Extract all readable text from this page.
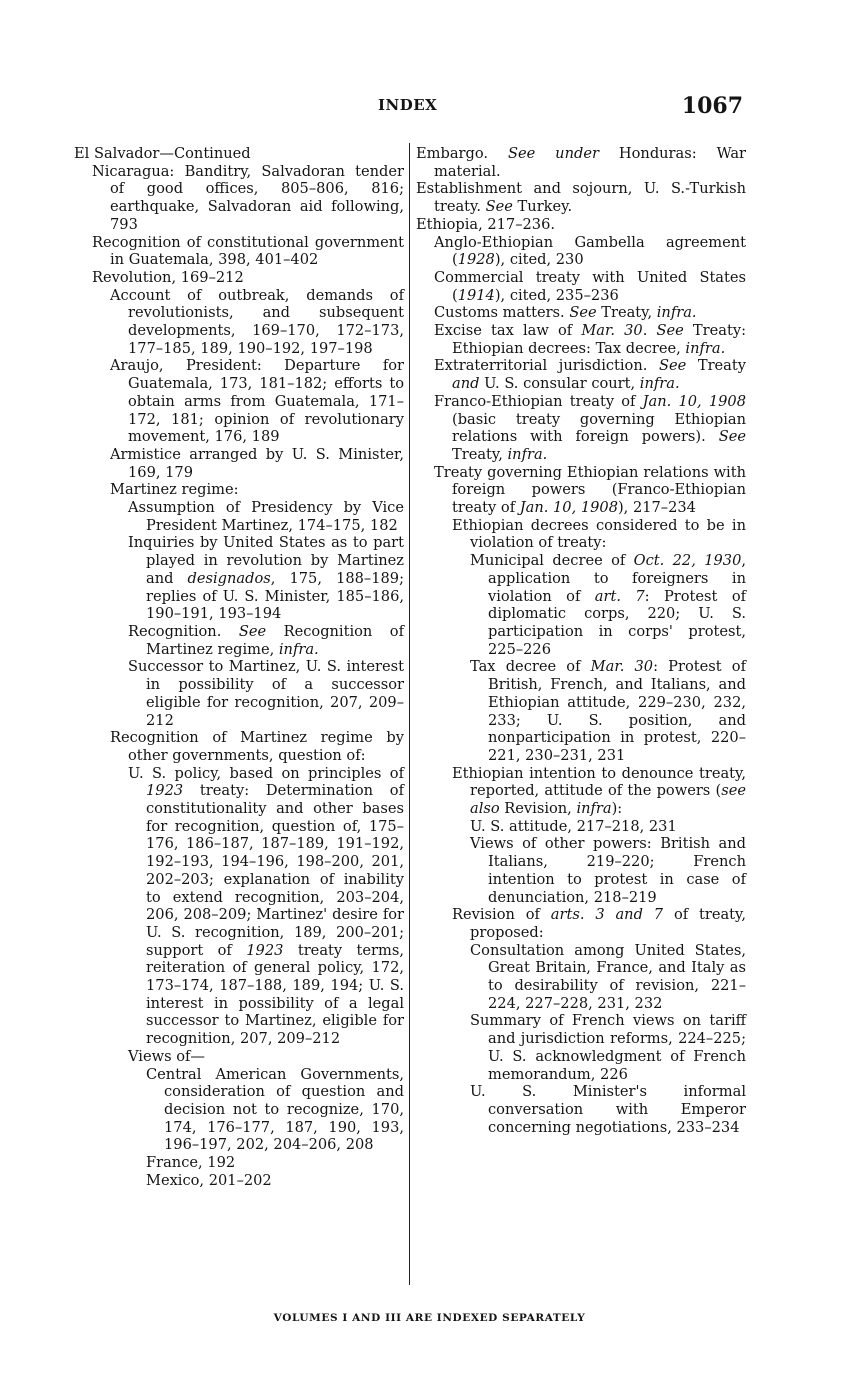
INDEX	1067
El Salvador—Continued
Nicaragua: Banditry, Salvadoran tender of good offices, 805–806, 816; earthquake, Salvadoran aid following, 793
Recognition of constitutional government in Guatemala, 398, 401–402
Revolution, 169–212
Account of outbreak, demands of revolutionists, and subsequent developments, 169–170, 172–173, 177–185, 189, 190–192, 197–198
Araujo, President: Departure for Guatemala, 173, 181–182; efforts to obtain arms from Guatemala, 171–172, 181; opinion of revolutionary movement, 176, 189
Armistice arranged by U. S. Minister, 169, 179
Martinez regime:
Assumption of Presidency by Vice President Martinez, 174–175, 182
Inquiries by United States as to part played in revolution by Martinez and designados, 175, 188–189; replies of U. S. Minister, 185–186, 190–191, 193–194
Recognition. See Recognition of Martinez regime, infra.
Successor to Martinez, U. S. interest in possibility of a successor eligible for recognition, 207, 209–212
Recognition of Martinez regime by other governments, question of:
U. S. policy, based on principles of 1923 treaty: Determination of constitutionality and other bases for recognition, question of, 175–176, 186–187, 187–189, 191–192, 192–193, 194–196, 198–200, 201, 202–203; explanation of inability to extend recognition, 203–204, 206, 208–209; Martinez' desire for U. S. recognition, 189, 200–201; support of 1923 treaty terms, reiteration of general policy, 172, 173–174, 187–188, 189, 194; U. S. interest in possibility of a legal successor to Martinez, eligible for recognition, 207, 209–212
Views of—
Central American Governments, consideration of question and decision not to recognize, 170, 174, 176–177, 187, 190, 193, 196–197, 202, 204–206, 208
France, 192
Mexico, 201–202
Embargo. See under Honduras: War material.
Establishment and sojourn, U. S.-Turkish treaty. See Turkey.
Ethiopia, 217–236.
Anglo-Ethiopian Gambella agreement (1928), cited, 230
Commercial treaty with United States (1914), cited, 235–236
Customs matters. See Treaty, infra.
Excise tax law of Mar. 30. See Treaty: Ethiopian decrees: Tax decree, infra.
Extraterritorial jurisdiction. See Treaty and U. S. consular court, infra.
Franco-Ethiopian treaty of Jan. 10, 1908 (basic treaty governing Ethiopian relations with foreign powers). See Treaty, infra.
Treaty governing Ethiopian relations with foreign powers (Franco-Ethiopian treaty of Jan. 10, 1908), 217–234
Ethiopian decrees considered to be in violation of treaty:
Municipal decree of Oct. 22, 1930, application to foreigners in violation of art. 7: Protest of diplomatic corps, 220; U. S. participation in corps' protest, 225–226
Tax decree of Mar. 30: Protest of British, French, and Italians, and Ethiopian attitude, 229–230, 232, 233; U. S. position, and nonparticipation in protest, 220–221, 230–231, 231
Ethiopian intention to denounce treaty, reported, attitude of the powers (see also Revision, infra):
U. S. attitude, 217–218, 231
Views of other powers: British and Italians, 219–220; French intention to protest in case of denunciation, 218–219
Revision of arts. 3 and 7 of treaty, proposed:
Consultation among United States, Great Britain, France, and Italy as to desirability of revision, 221–224, 227–228, 231, 232
Summary of French views on tariff and jurisdiction reforms, 224–225; U. S. acknowledgment of French memorandum, 226
U. S. Minister's informal conversation with Emperor concerning negotiations, 233–234
VOLUMES I AND III ARE INDEXED SEPARATELY
